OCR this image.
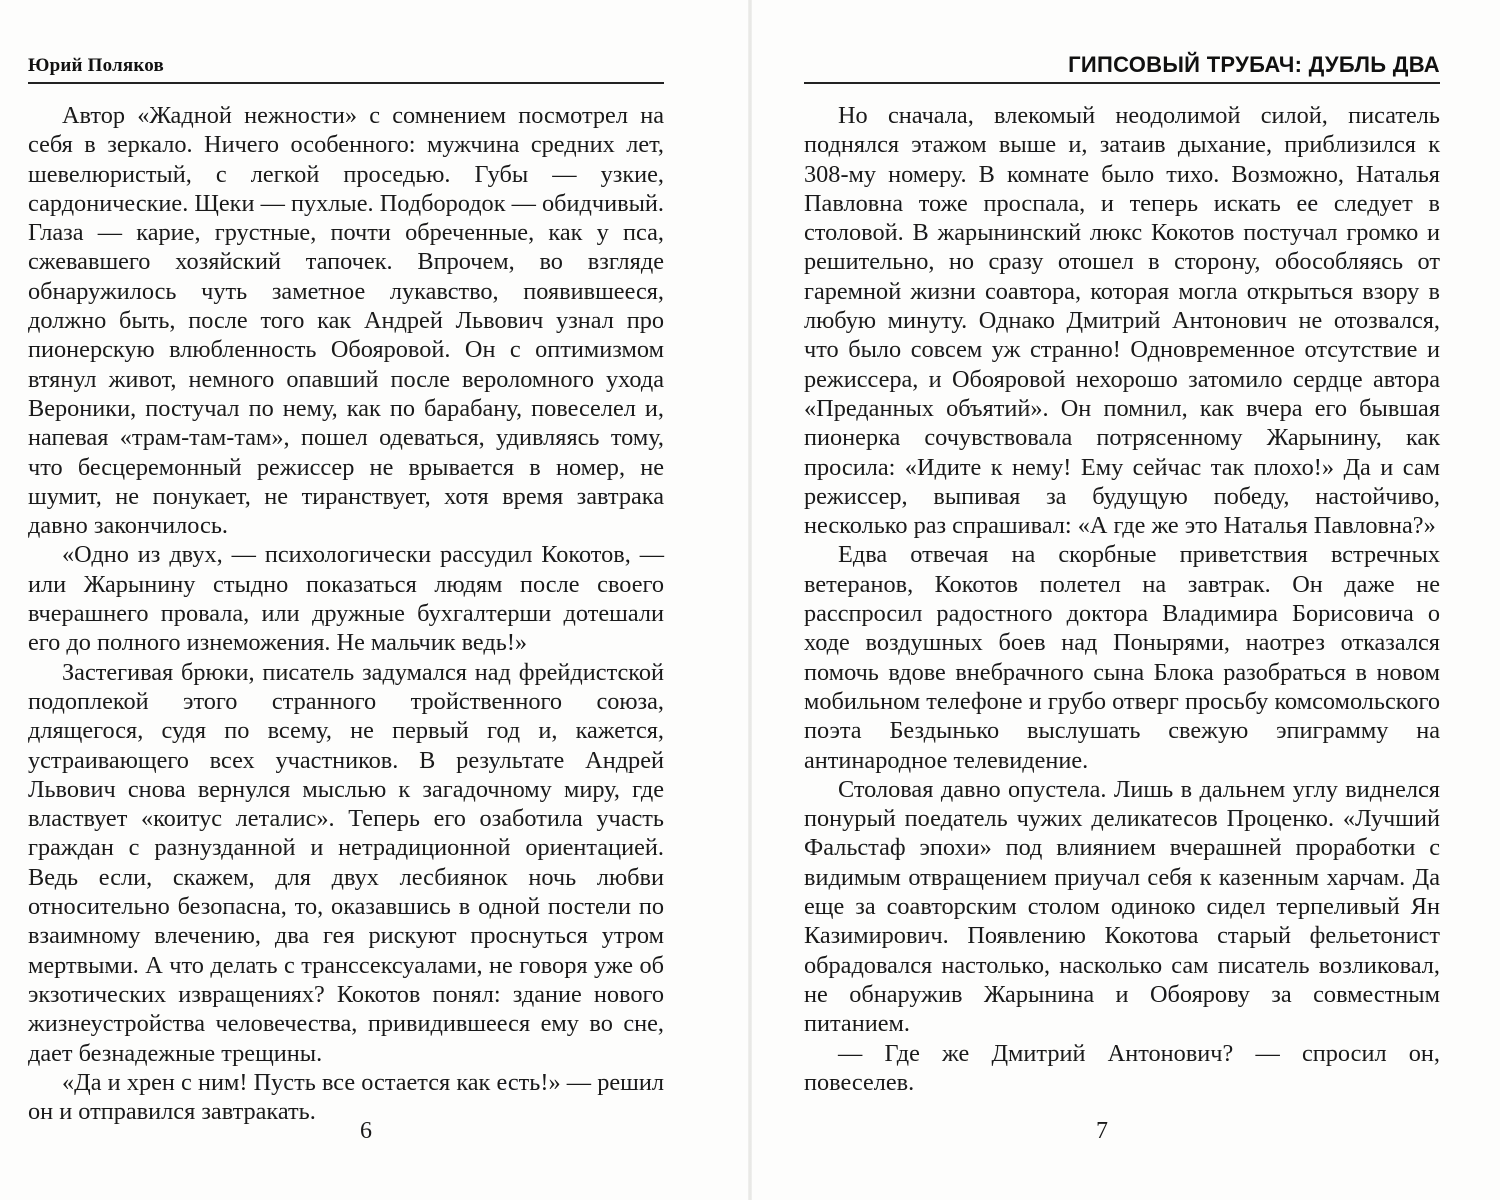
Юрий Поляков

Автор «Жадной нежности» с сомнением посмотрел на себя в зеркало. Ничего особенного: мужчина средних лет, шевелюристый, с легкой проседью. Губы — узкие, сардонические. Щеки — пухлые. Подбородок — обидчивый. Глаза — карие, грустные, почти обреченные, как у пса, сжевавшего хозяйский тапочек. Впрочем, во взгляде обнаружилось чуть заметное лукавство, появившееся, должно быть, после того как Андрей Львович узнал про пионерскую влюбленность Обояровой. Он с оптимизмом втянул живот, немного опавший после вероломного ухода Вероники, постучал по нему, как по барабану, повеселел и, напевая «трам-там-там», пошел одеваться, удивляясь тому, что бесцеремонный режиссер не врывается в номер, не шумит, не понукает, не тиранствует, хотя время завтрака давно закончилось.

«Одно из двух, — психологически рассудил Кокотов, — или Жарынину стыдно показаться людям после своего вчерашнего провала, или дружные бухгалтерши дотешали его до полного изнеможения. Не мальчик ведь!»

Застегивая брюки, писатель задумался над фрейдистской подоплекой этого странного тройственного союза, длящегося, судя по всему, не первый год и, кажется, устраивающего всех участников. В результате Андрей Львович снова вернулся мыслью к загадочному миру, где властвует «коитус леталис». Теперь его озаботила участь граждан с разнузданной и нетрадиционной ориентацией. Ведь если, скажем, для двух лесбиянок ночь любви относительно безопасна, то, оказавшись в одной постели по взаимному влечению, два гея рискуют проснуться утром мертвыми. А что делать с транссексуалами, не говоря уже об экзотических извращениях? Кокотов понял: здание нового жизнеустройства человечества, привидившееся ему во сне, дает безнадежные трещины.

«Да и хрен с ним! Пусть все остается как есть!» — решил он и отправился завтракать.

6
ГИПСОВЫЙ ТРУБАЧ: ДУБЛЬ ДВА

Но сначала, влекомый неодолимой силой, писатель поднялся этажом выше и, затаив дыхание, приблизился к 308-му номеру. В комнате было тихо. Возможно, Наталья Павловна тоже проспала, и теперь искать ее следует в столовой. В жарынинский люкс Кокотов постучал громко и решительно, но сразу отошел в сторону, обособляясь от гаремной жизни соавтора, которая могла открыться взору в любую минуту. Однако Дмитрий Антонович не отозвался, что было совсем уж странно! Одновременное отсутствие и режиссера, и Обояровой нехорошо затомило сердце автора «Преданных объятий». Он помнил, как вчера его бывшая пионерка сочувствовала потрясенному Жарынину, как просила: «Идите к нему! Ему сейчас так плохо!» Да и сам режиссер, выпивая за будущую победу, настойчиво, несколько раз спрашивал: «А где же это Наталья Павловна?»

Едва отвечая на скорбные приветствия встречных ветеранов, Кокотов полетел на завтрак. Он даже не расспросил радостного доктора Владимира Борисовича о ходе воздушных боев над Понырями, наотрез отказался помочь вдове внебрачного сына Блока разобраться в новом мобильном телефоне и грубо отверг просьбу комсомольского поэта Бездынько выслушать свежую эпиграмму на антинародное телевидение.

Столовая давно опустела. Лишь в дальнем углу виднелся понурый поедатель чужих деликатесов Проценко. «Лучший Фальстаф эпохи» под влиянием вчерашней проработки с видимым отвращением приучал себя к казенным харчам. Да еще за соавторским столом одиноко сидел терпеливый Ян Казимирович. Появлению Кокотова старый фельетонист обрадовался настолько, насколько сам писатель возликовал, не обнаружив Жарынина и Обоярову за совместным питанием.

— Где же Дмитрий Антонович? — спросил он, повеселев.

7
